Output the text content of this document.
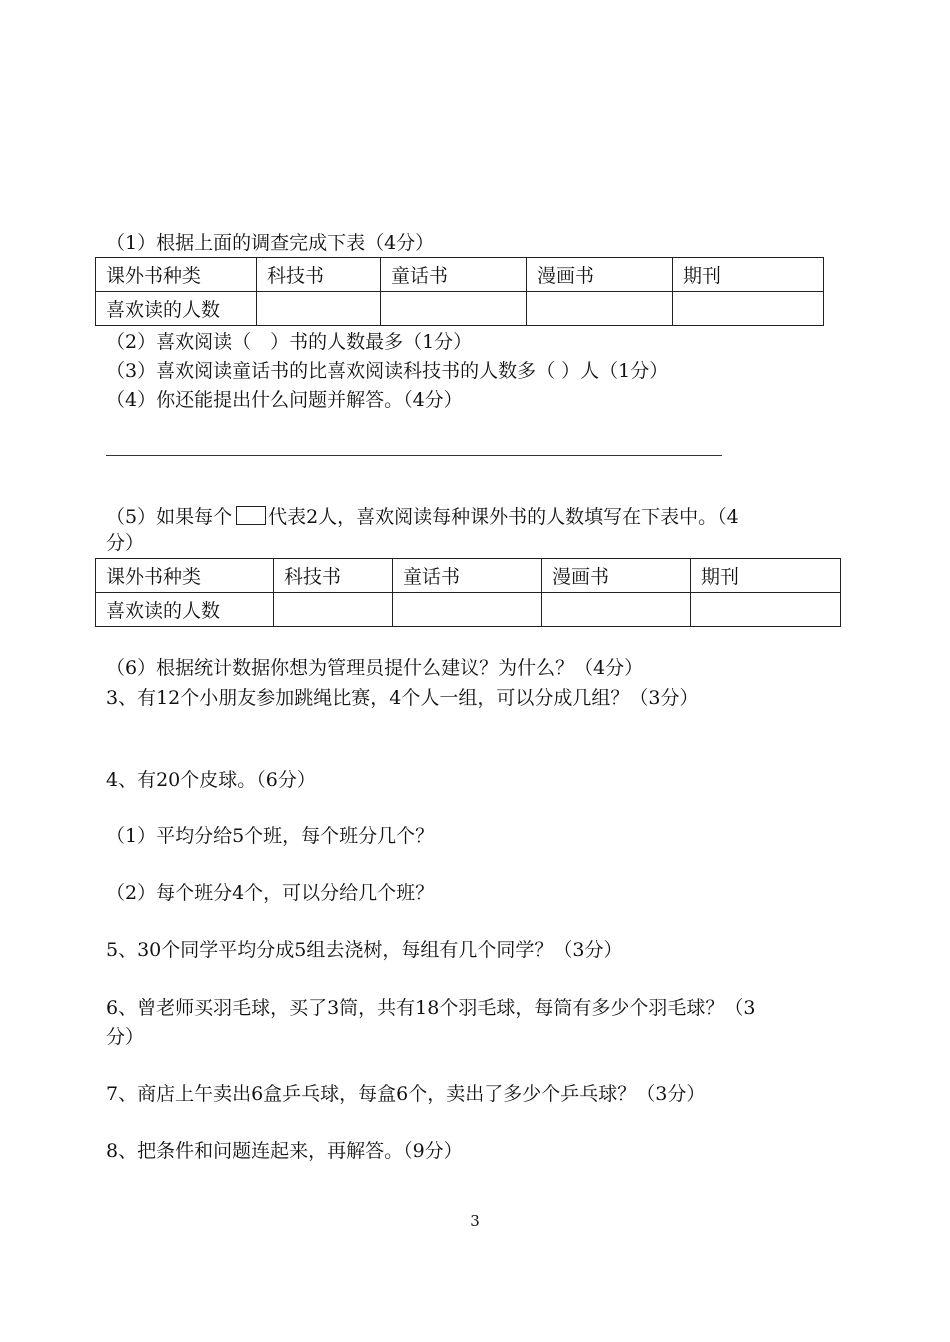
（1）根据上面的调查完成下表（4分）
课外书种类	科技书	童话书	漫画书	期刊
喜欢读的人数				
（2）喜欢阅读（　）书的人数最多（1分）
（3）喜欢阅读童话书的比喜欢阅读科技书的人数多（ ）人（1分）
（4）你还能提出什么问题并解答。（4分）
（5）如果每个 代表2人，喜欢阅读每种课外书的人数填写在下表中。（4
分）
课外书种类	科技书	童话书	漫画书	期刊
喜欢读的人数				
（6）根据统计数据你想为管理员提什么建议？为什么？（4分）
3、有12个小朋友参加跳绳比赛，4个人一组，可以分成几组？（3分）
4、有20个皮球。（6分）
（1）平均分给5个班，每个班分几个？
（2）每个班分4个，可以分给几个班？
5、30个同学平均分成5组去浇树，每组有几个同学？（3分）
6、曾老师买羽毛球，买了3筒，共有18个羽毛球，每筒有多少个羽毛球？（3
分）
7、商店上午卖出6盒乒乓球，每盒6个，卖出了多少个乒乓球？（3分）
8、把条件和问题连起来，再解答。（9分）
3
